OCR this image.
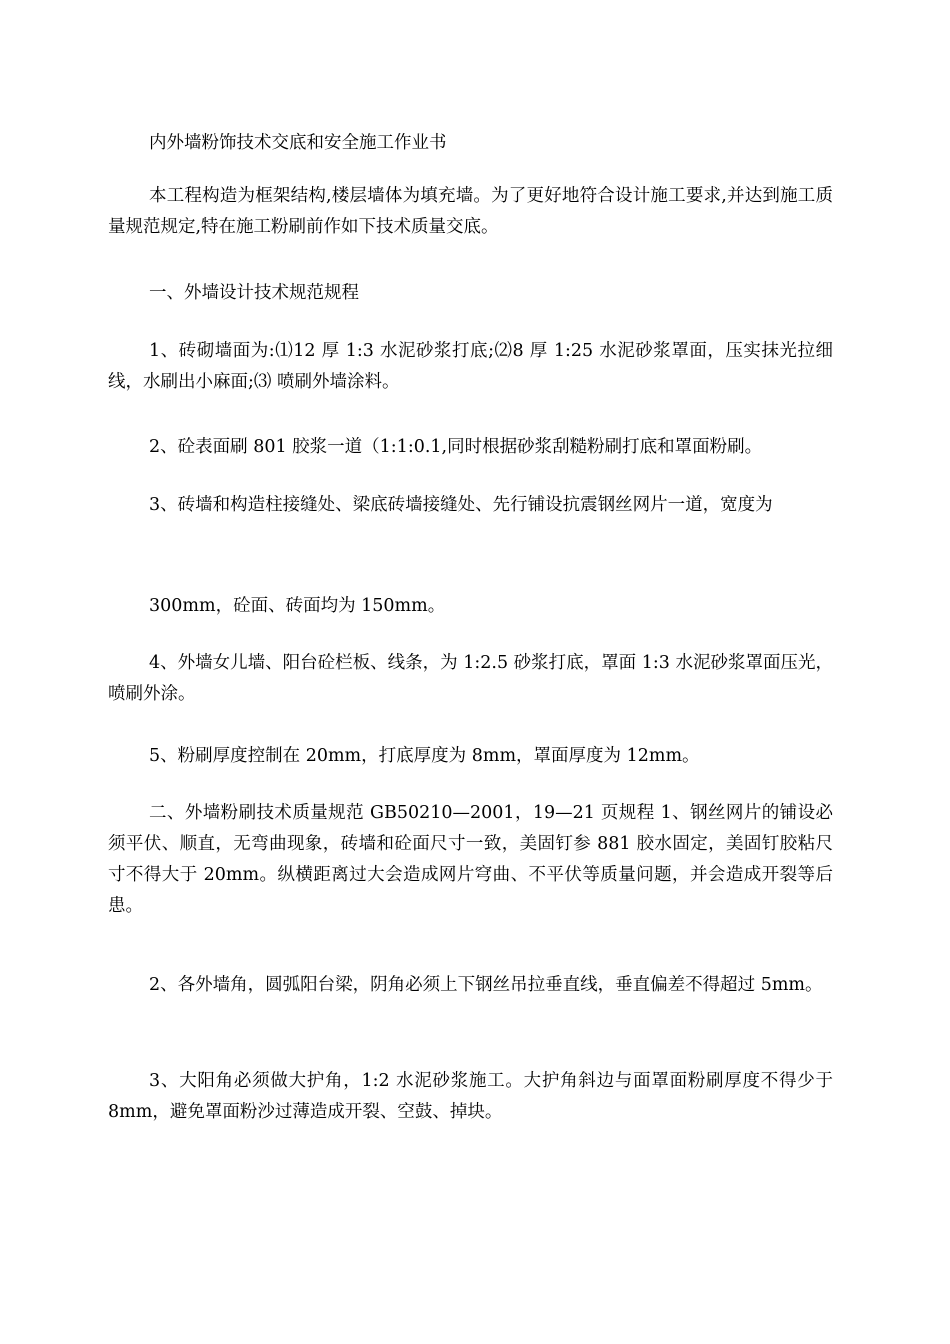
内外墙粉饰技术交底和安全施工作业书

本工程构造为框架结构,楼层墙体为填充墙。为了更好地符合设计施工要求,并达到施工质量规范规定,特在施工粉刷前作如下技术质量交底。

一、外墙设计技术规范规程

1、砖砌墙面为:⑴12 厚 1:3 水泥砂浆打底;⑵8 厚 1:25 水泥砂浆罩面，压实抹光拉细线，水刷出小麻面;⑶ 喷刷外墙涂料。

2、砼表面刷 801 胶浆一道（1:1:0.1,同时根据砂浆刮糙粉刷打底和罩面粉刷。

3、砖墙和构造柱接缝处、梁底砖墙接缝处、先行铺设抗震钢丝网片一道，宽度为

300mm，砼面、砖面均为 150mm。

4、外墙女儿墙、阳台砼栏板、线条，为 1:2.5 砂浆打底，罩面 1:3 水泥砂浆罩面压光，喷刷外涂。

5、粉刷厚度控制在 20mm，打底厚度为 8mm，罩面厚度为 12mm。

二、外墙粉刷技术质量规范 GB50210—2001，19—21 页规程 1、钢丝网片的铺设必须平伏、顺直，无弯曲现象，砖墙和砼面尺寸一致，美固钉参 881 胶水固定，美固钉胶粘尺寸不得大于 20mm。纵横距离过大会造成网片穹曲、不平伏等质量问题，并会造成开裂等后患。

2、各外墙角，圆弧阳台梁，阴角必须上下钢丝吊拉垂直线，垂直偏差不得超过 5mm。

3、大阳角必须做大护角，1:2 水泥砂浆施工。大护角斜边与面罩面粉刷厚度不得少于 8mm，避免罩面粉沙过薄造成开裂、空鼓、掉块。
